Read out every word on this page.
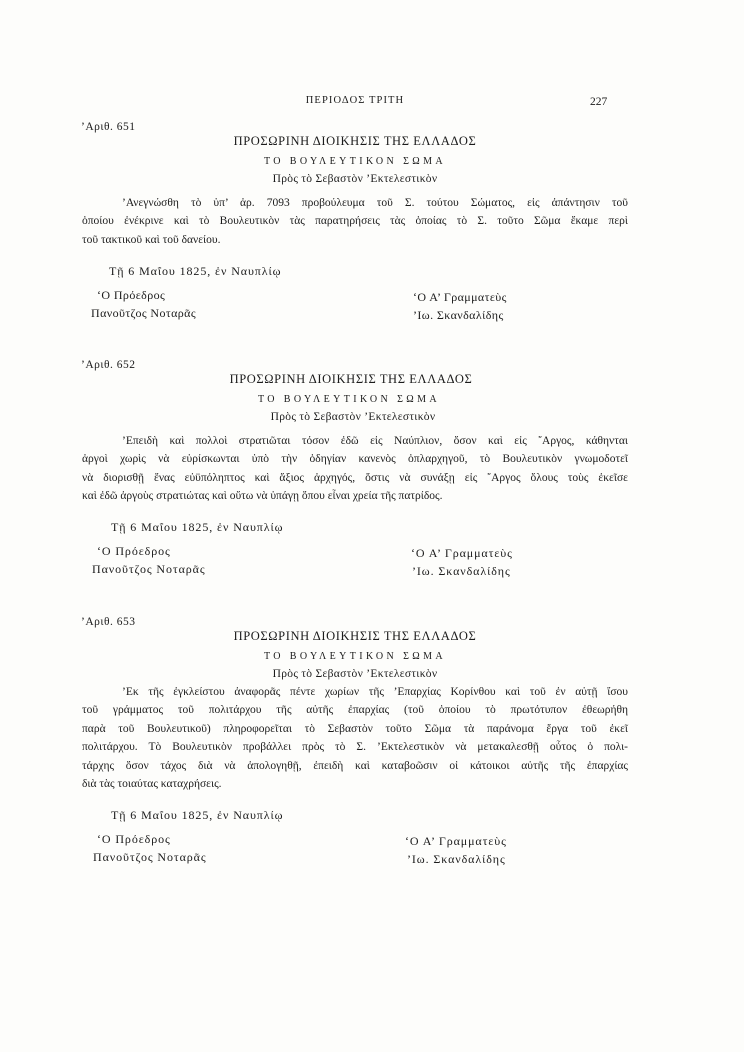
ΠΕΡΙΟΔΟΣ ΤΡΙΤΗ	227
’Αριθ. 651
ΠΡΟΣΩΡΙΝΗ ΔΙΟΙΚΗΣΙΣ ΤΗΣ ΕΛΛΑΔΟΣ
ΤΟ ΒΟΥΛΕΥΤΙΚΟΝ ΣΩΜΑ
Πρὸς τὸ Σεβαστὸν ’Εκτελεστικὸν
’Ανεγνώσθη τὸ ὑπ’ ἀρ. 7093 προβούλευμα τοῦ Σ. τούτου Σώματος, εἰς ἀπάντησιν τοῦ
ὁποίου ἐνέκρινε καὶ τὸ Βουλευτικὸν τὰς παρατηρήσεις τὰς ὁποίας τὸ Σ. τοῦτο Σῶμα ἔκαμε περὶ
τοῦ τακτικοῦ καὶ τοῦ δανείου.
Τῇ 6 Μαΐου 1825, ἐν Ναυπλίῳ
‘Ο Πρόεδρος	‘Ο Α’ Γραμματεὺς
Πανοῦτζος Νοταρᾶς	’Ιω. Σκανδαλίδης
’Αριθ. 652
ΠΡΟΣΩΡΙΝΗ ΔΙΟΙΚΗΣΙΣ ΤΗΣ ΕΛΛΑΔΟΣ
ΤΟ ΒΟΥΛΕΥΤΙΚΟΝ ΣΩΜΑ
Πρὸς τὸ Σεβαστὸν ’Εκτελεστικὸν
’Επειδὴ καὶ πολλοὶ στρατιῶται τόσον ἐδῶ εἰς Ναύπλιον, ὅσον καὶ εἰς ῎Αργος, κάθηνται
ἀργοὶ χωρὶς νὰ εὑρίσκωνται ὑπὸ τὴν ὁδηγίαν κανενὸς ὁπλαρχηγοῦ, τὸ Βουλευτικὸν γνωμοδοτεῖ
νὰ διορισθῇ ἕνας εὐϋπόληπτος καὶ ἄξιος ἀρχηγός, ὅστις νὰ συνάξῃ εἰς ῎Αργος ὅλους τοὺς ἐκεῖσε
καὶ ἐδῶ ἀργοὺς στρατιώτας καὶ οὕτω νὰ ὑπάγῃ ὅπου εἶναι χρεία τῆς πατρίδος.
Τῇ 6 Μαΐου 1825, ἐν Ναυπλίῳ
‘Ο Πρόεδρος	‘Ο Α’ Γραμματεὺς
Πανοῦτζος Νοταρᾶς	’Ιω. Σκανδαλίδης
’Αριθ. 653
ΠΡΟΣΩΡΙΝΗ ΔΙΟΙΚΗΣΙΣ ΤΗΣ ΕΛΛΑΔΟΣ
ΤΟ ΒΟΥΛΕΥΤΙΚΟΝ ΣΩΜΑ
Πρὸς τὸ Σεβαστὸν ’Εκτελεστικὸν
’Εκ τῆς ἐγκλείστου ἀναφορᾶς πέντε χωρίων τῆς ’Επαρχίας Κορίνθου καὶ τοῦ ἐν αὐτῇ ἴσου
τοῦ γράμματος τοῦ πολιτάρχου τῆς αὐτῆς ἐπαρχίας (τοῦ ὁποίου τὸ πρωτότυπον ἐθεωρήθη
παρὰ τοῦ Βουλευτικοῦ) πληροφορεῖται τὸ Σεβαστὸν τοῦτο Σῶμα τὰ παράνομα ἔργα τοῦ ἐκεῖ
πολιτάρχου. Τὸ Βουλευτικὸν προβάλλει πρὸς τὸ Σ. ’Εκτελεστικὸν νὰ μετακαλεσθῇ οὗτος ὁ πολι-
τάρχης ὅσον τάχος διὰ νὰ ἀπολογηθῇ, ἐπειδὴ καὶ καταβοῶσιν οἱ κάτοικοι αὐτῆς τῆς ἐπαρχίας
διὰ τὰς τοιαύτας καταχρήσεις.
Τῇ 6 Μαΐου 1825, ἐν Ναυπλίῳ
‘Ο Πρόεδρος	‘Ο Α’ Γραμματεὺς
Πανοῦτζος Νοταρᾶς	’Ιω. Σκανδαλίδης
